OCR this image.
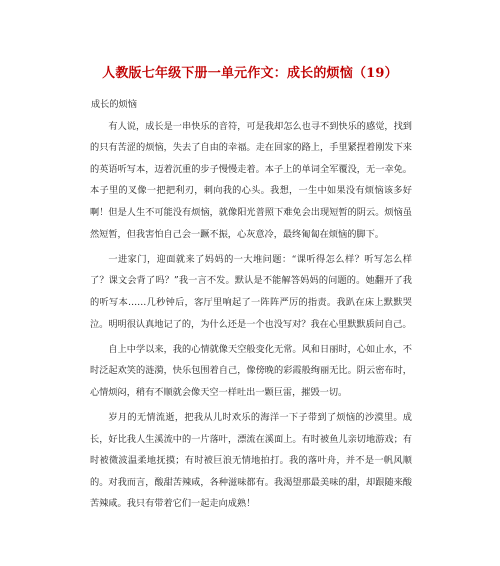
人教版七年级下册一单元作文：成长的烦恼（19）

成长的烦恼

有人说，成长是一串快乐的音符，可是我却怎么也寻不到快乐的感觉，找到的只有苦涩的烦恼，失去了自由的幸福。走在回家的路上，手里紧捏着刚发下来的英语听写本，迈着沉重的步子慢慢走着。本子上的单词全军覆没，无一幸免。本子里的叉像一把把利刃，刺向我的心头。我想，一生中如果没有烦恼该多好啊！但是人生不可能没有烦恼，就像阳光普照下难免会出现短暂的阴云。烦恼虽然短暂，但我害怕自己会一蹶不振，心灰意冷，最终匍匐在烦恼的脚下。

一进家门，迎面就来了妈妈的一大堆问题：“课听得怎么样？听写怎么样了？课文会背了吗？”我一言不发。默认是不能解答妈妈的问题的。她翻开了我的听写本……几秒钟后，客厅里响起了一阵阵严厉的指责。我趴在床上默默哭泣。明明很认真地记了的，为什么还是一个也没写对？我在心里默默质问自己。

自上中学以来，我的心情就像天空般变化无常。风和日丽时，心如止水，不时泛起欢笑的涟漪，快乐包围着自己，像傍晚的彩霞般绚丽无比。阴云密布时，心情烦闷，稍有不顺就会像天空一样吐出一颗巨雷，摧毁一切。

岁月的无情流逝，把我从儿时欢乐的海洋一下子带到了烦恼的沙漠里。成长，好比我人生溪流中的一片落叶，漂流在溪面上。有时被鱼儿亲切地游戏；有时被微波温柔地抚摸；有时被巨浪无情地拍打。我的落叶舟，并不是一帆风顺的。对我而言，酸甜苦辣咸，各种滋味都有。我渴望那最美味的甜，却跟随来酸苦辣咸。我只有带着它们一起走向成熟！
